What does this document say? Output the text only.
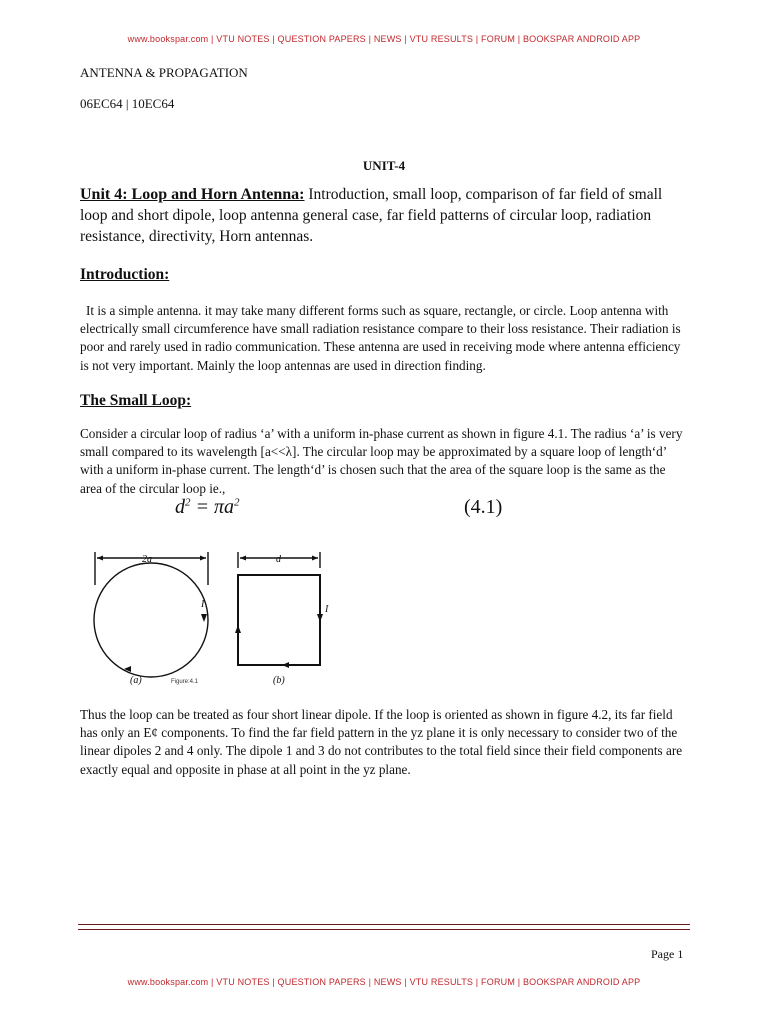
www.bookspar.com | VTU NOTES | QUESTION PAPERS | NEWS | VTU RESULTS | FORUM | BOOKSPAR ANDROID APP
ANTENNA & PROPAGATION
06EC64 | 10EC64
UNIT-4
Unit 4: Loop and Horn Antenna: Introduction, small loop, comparison of far field of small loop and short dipole, loop antenna general case, far field patterns of circular loop, radiation resistance, directivity, Horn antennas.
Introduction:
It is a simple antenna. it may take many different forms such as square, rectangle, or circle. Loop antenna with electrically small circumference have small radiation resistance compare to their loss resistance. Their radiation is poor and rarely used in radio communication. These antenna are used in receiving mode where antenna efficiency is not very important. Mainly the loop antennas are used in direction finding.
The Small Loop:
Consider a circular loop of radius ‘a’ with a uniform in-phase current as shown in figure 4.1. The radius ‘a’ is very small compared to its wavelength [a<<λ]. The circular loop may be approximated by a square loop of length‘d’ with a uniform in-phase current. The length‘d’ is chosen such that the area of the square loop is the same as the area of the circular loop ie.,
$d^2 = \pi a^2$	(4.1)
2a	d
I	I
(a)	(b)
Figure:4.1
Thus the loop can be treated as four short linear dipole. If the loop is oriented as shown in figure 4.2, its far field has only an E¢ components. To find the far field pattern in the yz plane it is only necessary to consider two of the linear dipoles 2 and 4 only. The dipole 1 and 3 do not contributes to the total field since their field components are exactly equal and opposite in phase at all point in the yz plane.
Page 1
www.bookspar.com | VTU NOTES | QUESTION PAPERS | NEWS | VTU RESULTS | FORUM | BOOKSPAR ANDROID APP
